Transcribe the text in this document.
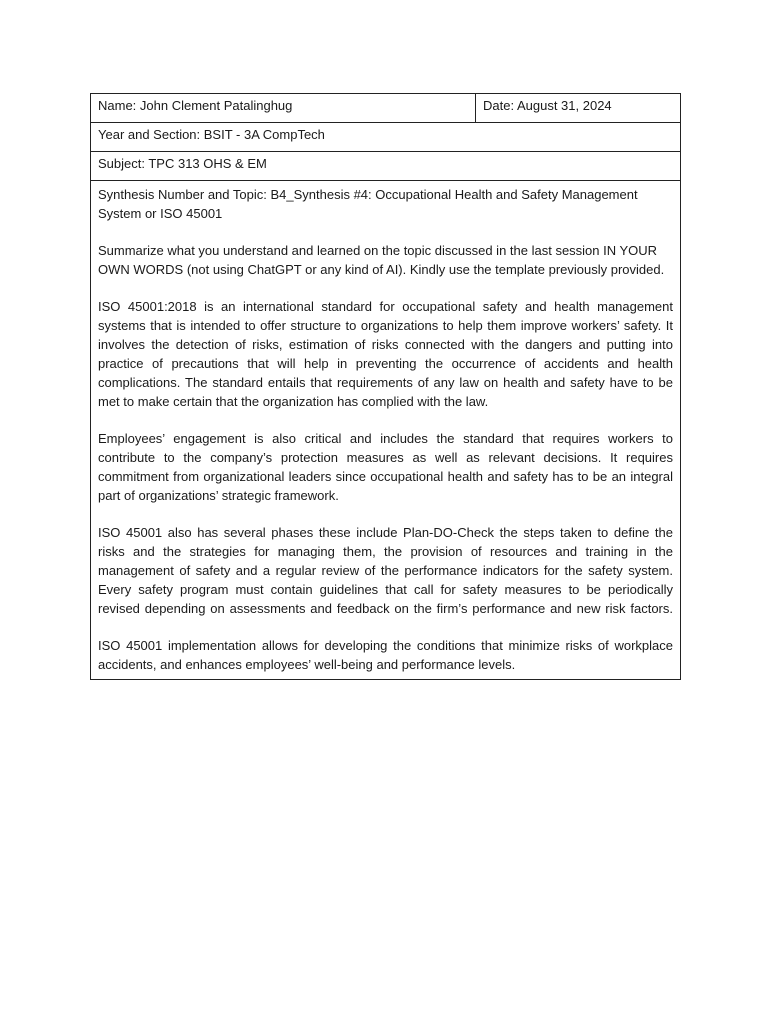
Name: John Clement Patalinghug	Date: August 31, 2024
Year and Section: BSIT - 3A CompTech
Subject: TPC 313 OHS & EM

Synthesis Number and Topic: B4_Synthesis #4: Occupational Health and Safety Management System or ISO 45001

Summarize what you understand and learned on the topic discussed in the last session IN YOUR OWN WORDS (not using ChatGPT or any kind of AI). Kindly use the template previously provided.

ISO 45001:2018 is an international standard for occupational safety and health management systems that is intended to offer structure to organizations to help them improve workers’ safety. It involves the detection of risks, estimation of risks connected with the dangers and putting into practice of precautions that will help in preventing the occurrence of accidents and health complications. The standard entails that requirements of any law on health and safety have to be met to make certain that the organization has complied with the law.

Employees’ engagement is also critical and includes the standard that requires workers to contribute to the company’s protection measures as well as relevant decisions. It requires commitment from organizational leaders since occupational health and safety has to be an integral part of organizations’ strategic framework.

ISO 45001 also has several phases these include Plan-DO-Check the steps taken to define the risks and the strategies for managing them, the provision of resources and training in the management of safety and a regular review of the performance indicators for the safety system. Every safety program must contain guidelines that call for safety measures to be periodically revised depending on assessments and feedback on the firm’s performance and new risk factors.

ISO 45001 implementation allows for developing the conditions that minimize risks of workplace accidents, and enhances employees’ well-being and performance levels.
